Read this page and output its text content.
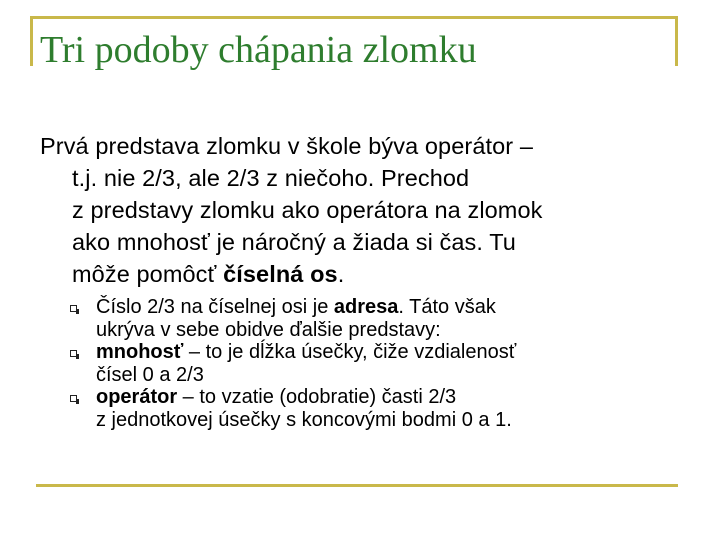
Tri podoby chápania zlomku
Prvá predstava zlomku v škole býva operátor –
t.j. nie 2/3, ale 2/3 z niečoho. Prechod
z predstavy zlomku ako operátora na zlomok
ako mnohosť je náročný a žiada si čas. Tu
môže pomôcť číselná os.
Číslo 2/3 na číselnej osi je adresa. Táto však
ukrýva v sebe obidve ďalšie predstavy:
mnohosť – to je dĺžka úsečky, čiže vzdialenosť
čísel 0 a 2/3
operátor – to vzatie (odobratie) časti 2/3
z jednotkovej úsečky s koncovými bodmi 0 a 1.
